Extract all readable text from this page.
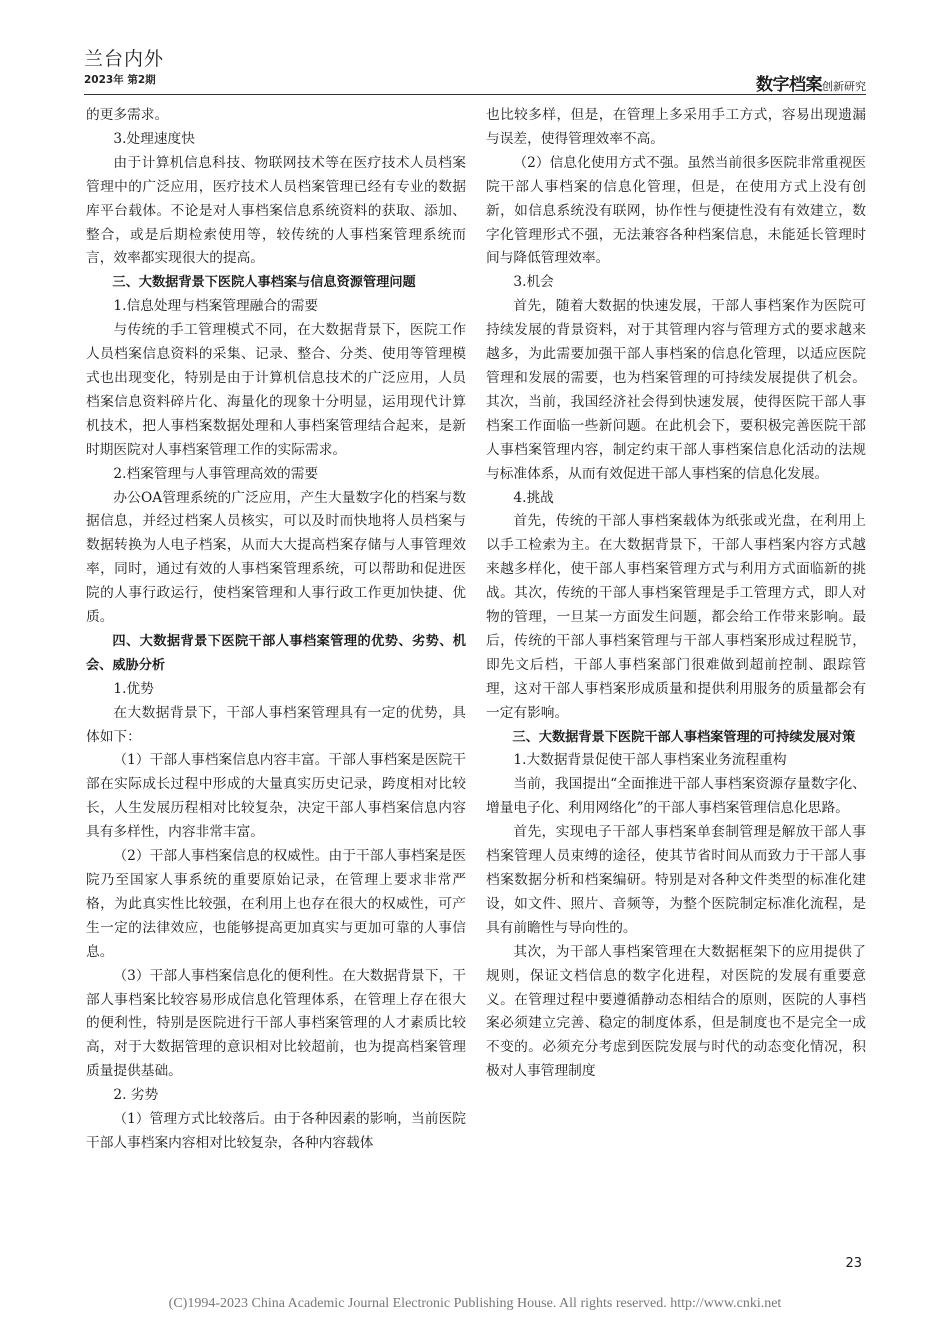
兰台内外
2023年 第2期	数字档案创新研究

的更多需求。

3.处理速度快

由于计算机信息科技、物联网技术等在医疗技术人员档案管理中的广泛应用，医疗技术人员档案管理已经有专业的数据库平台载体。不论是对人事档案信息系统资料的获取、添加、整合，或是后期检索使用等，较传统的人事档案管理系统而言，效率都实现很大的提高。

三、大数据背景下医院人事档案与信息资源管理问题

1.信息处理与档案管理融合的需要

与传统的手工管理模式不同，在大数据背景下，医院工作人员档案信息资料的采集、记录、整合、分类、使用等管理模式也出现变化，特别是由于计算机信息技术的广泛应用，人员档案信息资料碎片化、海量化的现象十分明显，运用现代计算机技术，把人事档案数据处理和人事档案管理结合起来，是新时期医院对人事档案管理工作的实际需求。

2.档案管理与人事管理高效的需要

办公OA管理系统的广泛应用，产生大量数字化的档案与数据信息，并经过档案人员核实，可以及时而快地将人员档案与数据转换为人电子档案，从而大大提高档案存储与人事管理效率，同时，通过有效的人事档案管理系统，可以帮助和促进医院的人事行政运行，使档案管理和人事行政工作更加快捷、优质。

四、大数据背景下医院干部人事档案管理的优势、劣势、机会、威胁分析

1.优势

在大数据背景下，干部人事档案管理具有一定的优势，具体如下：

（1）干部人事档案信息内容丰富。干部人事档案是医院干部在实际成长过程中形成的大量真实历史记录，跨度相对比较长，人生发展历程相对比较复杂，决定干部人事档案信息内容具有多样性，内容非常丰富。

（2）干部人事档案信息的权威性。由于干部人事档案是医院乃至国家人事系统的重要原始记录，在管理上要求非常严格，为此真实性比较强，在利用上也存在很大的权威性，可产生一定的法律效应，也能够提高更加真实与更加可靠的人事信息。

（3）干部人事档案信息化的便利性。在大数据背景下，干部人事档案比较容易形成信息化管理体系，在管理上存在很大的便利性，特别是医院进行干部人事档案管理的人才素质比较高，对于大数据管理的意识相对比较超前，也为提高档案管理质量提供基础。

2. 劣势

（1）管理方式比较落后。由于各种因素的影响，当前医院干部人事档案内容相对比较复杂，各种内容载体

也比较多样，但是，在管理上多采用手工方式，容易出现遗漏与误差，使得管理效率不高。

（2）信息化使用方式不强。虽然当前很多医院非常重视医院干部人事档案的信息化管理，但是，在使用方式上没有创新，如信息系统没有联网，协作性与便捷性没有有效建立，数字化管理形式不强，无法兼容各种档案信息，未能延长管理时间与降低管理效率。

3.机会

首先，随着大数据的快速发展，干部人事档案作为医院可持续发展的背景资料，对于其管理内容与管理方式的要求越来越多，为此需要加强干部人事档案的信息化管理，以适应医院管理和发展的需要，也为档案管理的可持续发展提供了机会。其次，当前，我国经济社会得到快速发展，使得医院干部人事档案工作面临一些新问题。在此机会下，要积极完善医院干部人事档案管理内容，制定约束干部人事档案信息化活动的法规与标准体系，从而有效促进干部人事档案的信息化发展。

4.挑战

首先，传统的干部人事档案载体为纸张或光盘，在利用上以手工检索为主。在大数据背景下，干部人事档案内容方式越来越多样化，使干部人事档案管理方式与利用方式面临新的挑战。其次，传统的干部人事档案管理是手工管理方式，即人对物的管理，一旦某一方面发生问题，都会给工作带来影响。最后，传统的干部人事档案管理与干部人事档案形成过程脱节，即先文后档，干部人事档案部门很难做到超前控制、跟踪管理，这对干部人事档案形成质量和提供利用服务的质量都会有一定有影响。

三、大数据背景下医院干部人事档案管理的可持续发展对策

1.大数据背景促使干部人事档案业务流程重构

当前，我国提出“全面推进干部人事档案资源存量数字化、增量电子化、利用网络化”的干部人事档案管理信息化思路。

首先，实现电子干部人事档案单套制管理是解放干部人事档案管理人员束缚的途径，使其节省时间从而致力于干部人事档案数据分析和档案编研。特别是对各种文件类型的标准化建设，如文件、照片、音频等，为整个医院制定标准化流程，是具有前瞻性与导向性的。

其次，为干部人事档案管理在大数据框架下的应用提供了规则，保证文档信息的数字化进程，对医院的发展有重要意义。在管理过程中要遵循静动态相结合的原则，医院的人事档案必须建立完善、稳定的制度体系，但是制度也不是完全一成不变的。必须充分考虑到医院发展与时代的动态变化情况，积极对人事管理制度

23
(C)1994-2023 China Academic Journal Electronic Publishing House. All rights reserved. http://www.cnki.net
